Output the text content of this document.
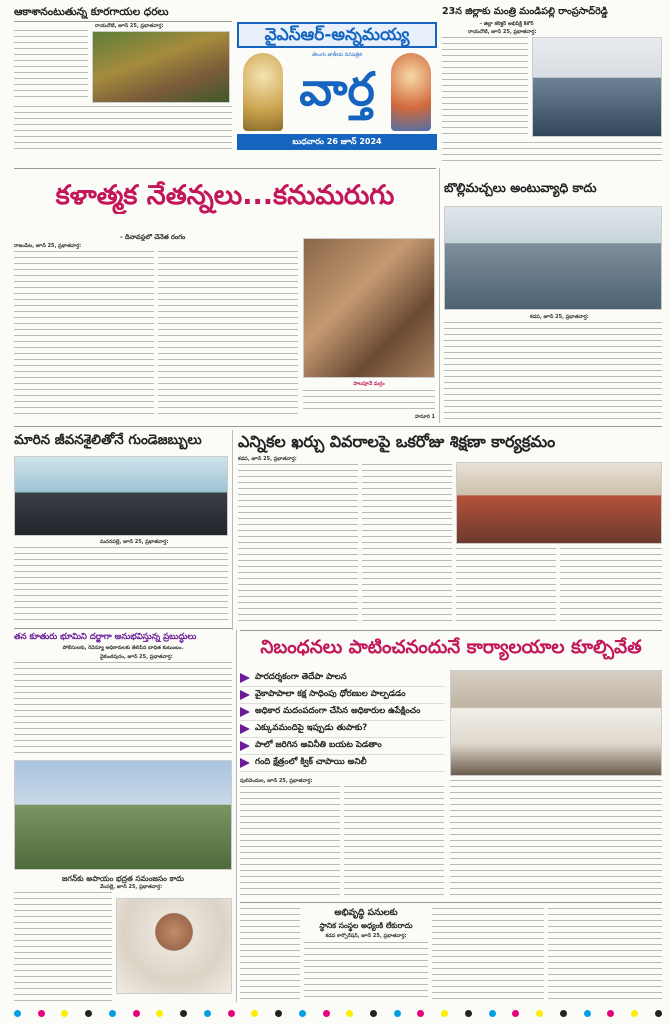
ఆకాశానంటుతున్న కూరగాయల ధరలు
రాయచోటి, జూన్ 25, ప్రభాతవార్త:	వైఎస్ఆర్-అన్నమయ్య
తెలుగు జాతీయ దినపత్రిక
వార్త
బుధవారం 26 జూన్ 2024
23న జిల్లాకు మంత్రి మండిపల్లి రాంప్రసాద్‌రెడ్డి
- జిల్లా కలెక్టర్ అభిషిక్త్ కిశోర్
రాయచోటి, జూన్ 25, ప్రభాతవార్త:
కళాత్మక నేతన్నలు...కనుమరుగు
- దీనావస్థలో చేనేత రంగం
రాజంపేట, జూన్ 25, ప్రభాతవార్త:
పాలపూనే మగ్గం
హనూరి 1
బొల్లిమచ్చలు అంటువ్యాధి కాదు
కడప, జూన్ 25, ప్రభాతవార్త:
మారిన జీవనశైలితోనే గుండెజబ్బులు
మదనపల్లె, జూన్ 25, ప్రభాతవార్త:
ఎన్నికల ఖర్చు వివరాలపై ఒకరోజు శిక్షణా కార్యక్రమం
కడప, జూన్ 25, ప్రభాతవార్త:
తన కూతురు భూమిని దర్జాగా అనుభవిస్తున్న ప్రబుద్ధులు
పోలీసులకు, రెవెన్యూ అధికారులకు తెలిపిన బాధిత కుటుంబం.
వైకుంఠపురం, జూన్ 25, ప్రభాతవార్త:
జగన్‌కు అపాయం భద్రత సమంజసం కాదు
వేంపల్లె, జూన్ 25, ప్రభాతవార్త:
నిబంధనలు పాటించనందునే కార్యాలయాల కూల్చివేత
పారదర్శకంగా తెదేపా పాలన
వైకాపాపాలా కక్ష సాధింపు ధోరణుల పాల్పడడం
అధికార మదంపదంగా చేసిన అధికారుల ఉపేక్షించం
ఎక్కువమందిపై ఇప్పుడు తుపాకు?
పాలో జరిగిన అవినీతి బయట పెడతాం
గంది క్షేత్రంలో క్విక్ చాపాయి అనిలీ
పులివెందుల, జూన్ 25, ప్రభాతవార్త:
అభివృద్ధి పనులకు
స్థానిక సంస్థల అధ్యంకి లేకురాదు
కడప కార్పొరేషన్, జూన్ 25, ప్రభాతవార్త:
